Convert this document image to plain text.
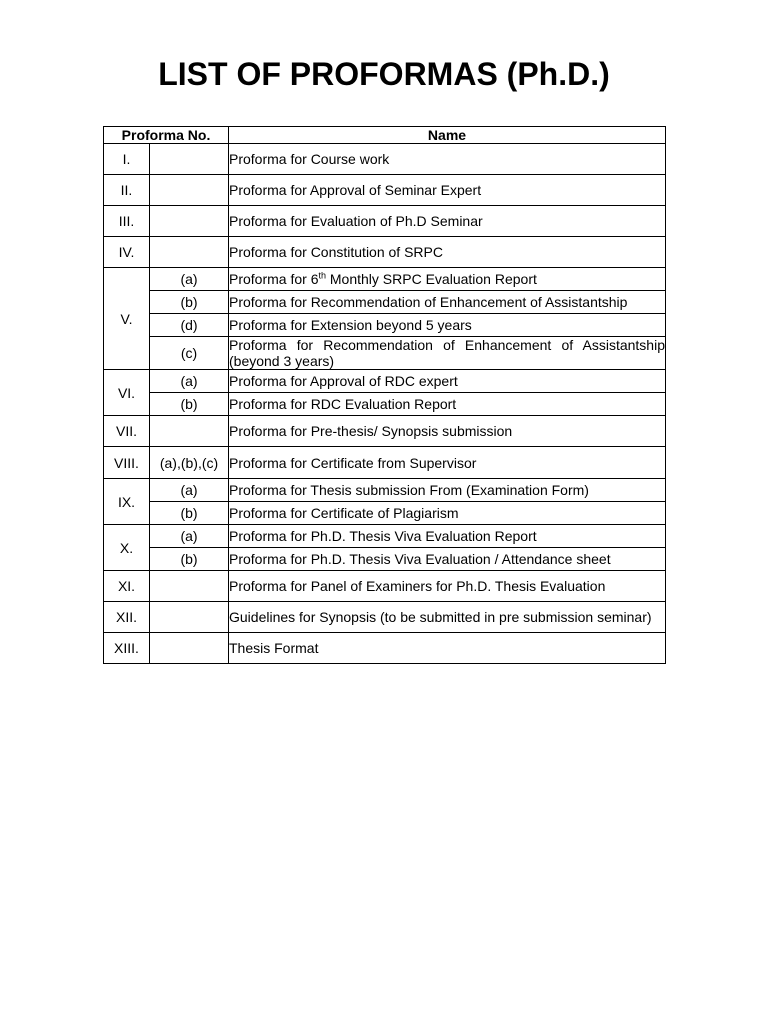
LIST OF PROFORMAS (Ph.D.)
Proforma No.		Name
I.		Proforma for Course work
II.		Proforma for Approval of Seminar Expert
III.		Proforma for Evaluation of Ph.D Seminar
IV.		Proforma for Constitution of SRPC
V.	(a)	Proforma for 6th Monthly SRPC Evaluation Report
	(b)	Proforma for Recommendation of Enhancement of Assistantship
	(d)	Proforma for Extension beyond 5 years
	(c)	Proforma for Recommendation of Enhancement of Assistantship (beyond 3 years)
VI.	(a)	Proforma for Approval of RDC expert
	(b)	Proforma for RDC Evaluation Report
VII.		Proforma for Pre-thesis/ Synopsis submission
VIII.	(a),(b),(c)	Proforma for Certificate from Supervisor
IX.	(a)	Proforma for Thesis submission From (Examination Form)
	(b)	Proforma for Certificate of Plagiarism
X.	(a)	Proforma for Ph.D. Thesis Viva Evaluation Report
	(b)	Proforma for Ph.D. Thesis Viva Evaluation / Attendance sheet
XI.		Proforma for Panel of Examiners for Ph.D. Thesis Evaluation
XII.		Guidelines for Synopsis (to be submitted in pre submission seminar)
XIII.		Thesis Format
